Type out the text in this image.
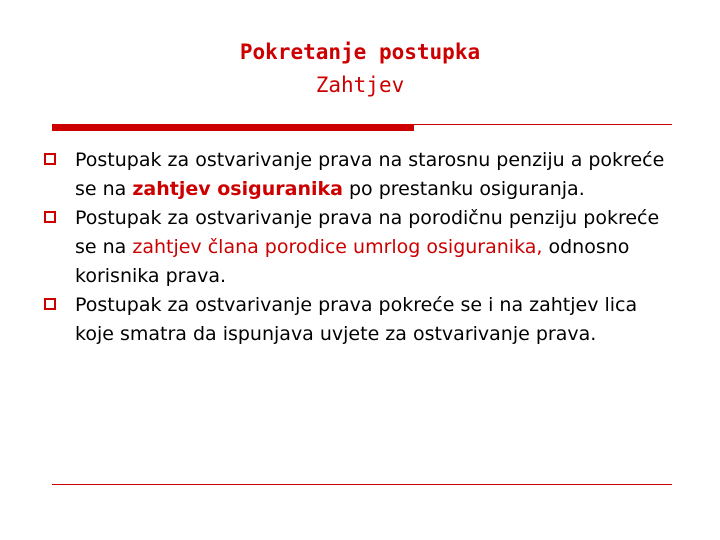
Pokretanje postupka
Zahtjev
Postupak za ostvarivanje prava na starosnu penziju a pokreće se na zahtjev osiguranika po prestanku osiguranja.
Postupak za ostvarivanje prava na porodičnu penziju pokreće se na zahtjev člana porodice umrlog osiguranika, odnosno korisnika prava.
Postupak za ostvarivanje prava pokreće se i na zahtjev lica koje smatra da ispunjava uvjete za ostvarivanje prava.
